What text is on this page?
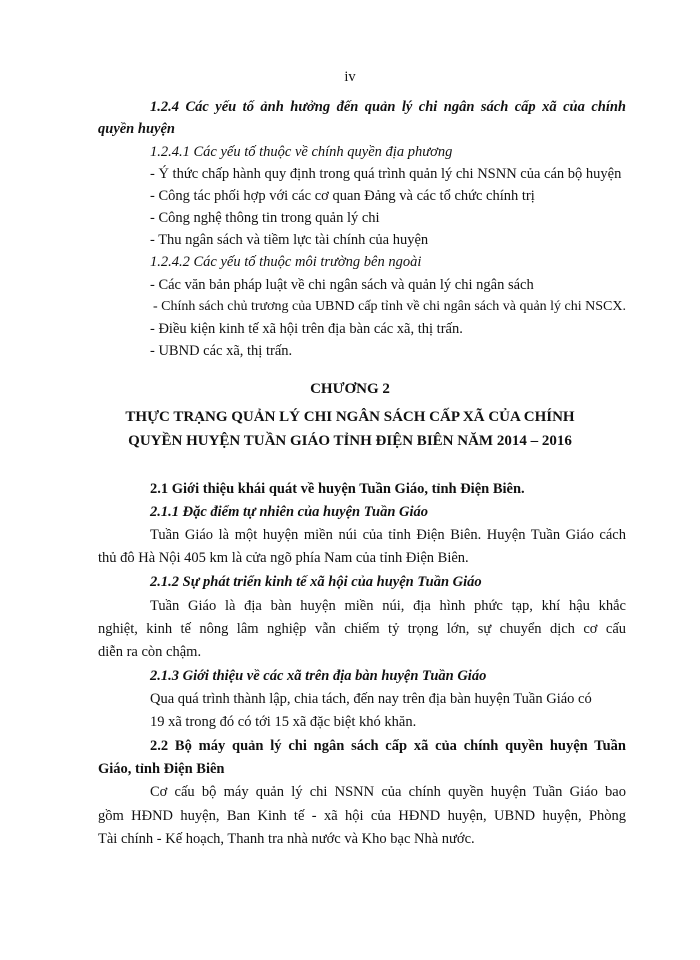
iv
1.2.4 Các yếu tố ảnh hưởng đến quản lý chi ngân sách cấp xã của chính
quyền huyện
1.2.4.1 Các yếu tố thuộc về chính quyền địa phương
- Ý thức chấp hành quy định trong quá trình quản lý chi NSNN của cán bộ huyện
- Công tác phối hợp với các cơ quan Đảng và các tổ chức chính trị
- Công nghệ thông tin trong quản lý chi
- Thu ngân sách và tiềm lực tài chính của huyện
1.2.4.2 Các yếu tố thuộc môi trường bên ngoài
- Các văn bản pháp luật về chi ngân sách và quản lý chi ngân sách
- Chính sách chủ trương của UBND cấp tỉnh về chi ngân sách và quản lý chi NSCX.
- Điều kiện kinh tế xã hội trên địa bàn các xã, thị trấn.
- UBND các xã, thị trấn.
CHƯƠNG 2
THỰC TRẠNG QUẢN LÝ CHI NGÂN SÁCH CẤP XÃ CỦA CHÍNH
QUYỀN HUYỆN TUẦN GIÁO TỈNH ĐIỆN BIÊN NĂM 2014 – 2016
2.1 Giới thiệu khái quát về huyện Tuần Giáo, tỉnh Điện Biên.
2.1.1 Đặc điểm tự nhiên của huyện Tuần Giáo
Tuần Giáo là một huyện miền núi của tỉnh Điện Biên. Huyện Tuần Giáo cách
thủ đô Hà Nội 405 km là cửa ngõ phía Nam của tỉnh Điện Biên.
2.1.2 Sự phát triển kinh tế xã hội của huyện Tuần Giáo
Tuần Giáo là địa bàn huyện miền núi, địa hình phức tạp, khí hậu khắc
nghiệt, kinh tế nông lâm nghiệp vẫn chiếm tỷ trọng lớn, sự chuyển dịch cơ cấu
diễn ra còn chậm.
2.1.3 Giới thiệu về các xã trên địa bàn huyện Tuần Giáo
Qua quá trình thành lập, chia tách, đến nay trên địa bàn huyện Tuần Giáo có
19 xã trong đó có tới 15 xã đặc biệt khó khăn.
2.2 Bộ máy quản lý chi ngân sách cấp xã của chính quyền huyện Tuần
Giáo, tỉnh Điện Biên
Cơ cấu bộ máy quản lý chi NSNN của chính quyền huyện Tuần Giáo bao
gồm HĐND huyện, Ban Kinh tế - xã hội của HĐND huyện, UBND huyện, Phòng
Tài chính - Kế hoạch, Thanh tra nhà nước và Kho bạc Nhà nước.
